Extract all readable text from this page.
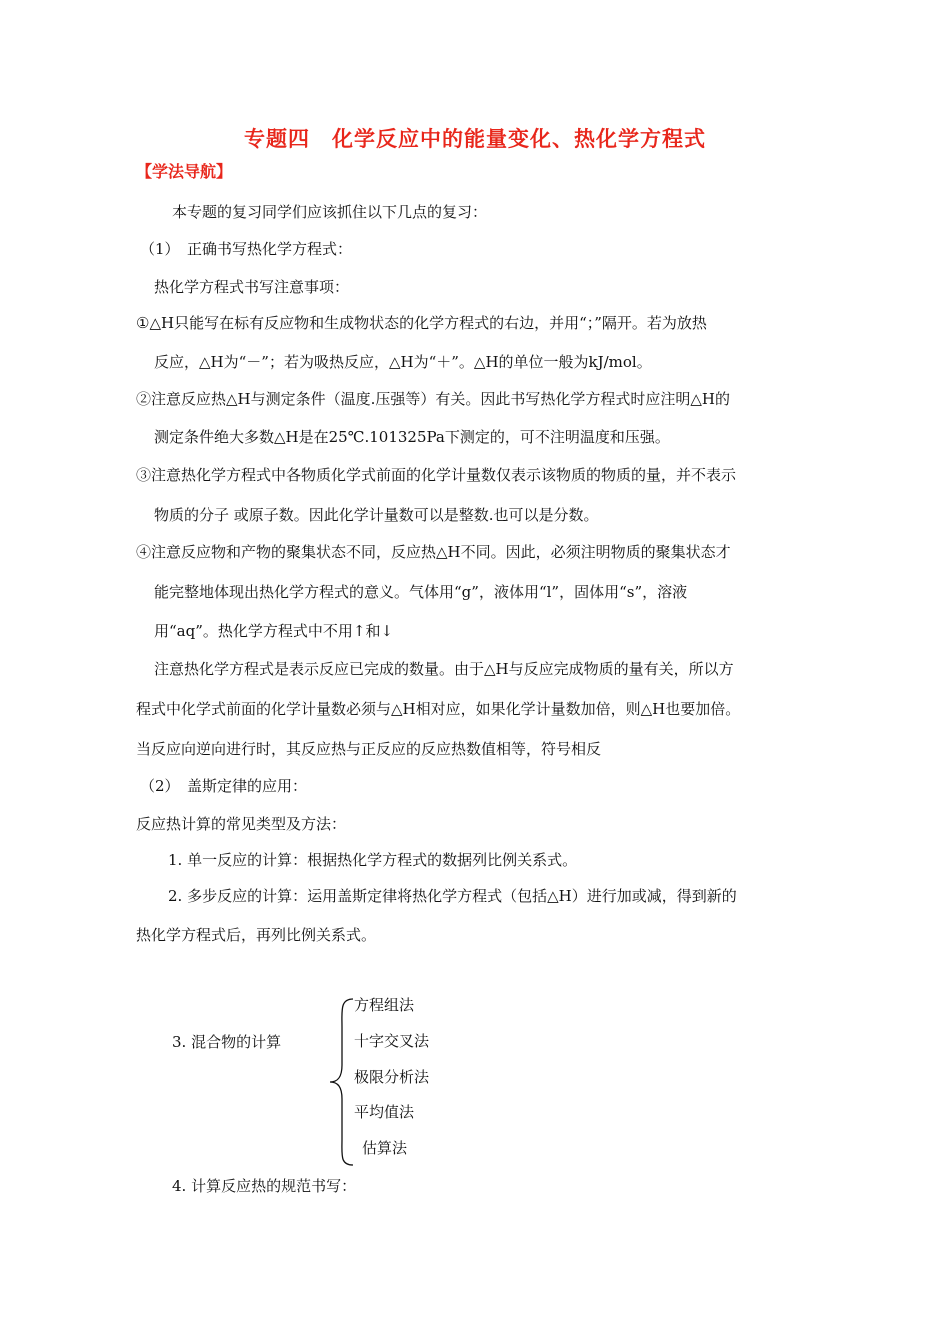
专题四　化学反应中的能量变化、热化学方程式
【学法导航】
本专题的复习同学们应该抓住以下几点的复习：
（1）　正确书写热化学方程式：
热化学方程式书写注意事项：
①△H只能写在标有反应物和生成物状态的化学方程式的右边，并用“；”隔开。若为放热
反应，△H为“－”；若为吸热反应，△H为“＋”。△H的单位一般为kJ/mol。
②注意反应热△H与测定条件（温度.压强等）有关。因此书写热化学方程式时应注明△H的
测定条件绝大多数△H是在25℃.101325Pa下测定的，可不注明温度和压强。
③注意热化学方程式中各物质化学式前面的化学计量数仅表示该物质的物质的量，并不表示
物质的分子 或原子数。因此化学计量数可以是整数.也可以是分数。
④注意反应物和产物的聚集状态不同，反应热△H不同。因此，必须注明物质的聚集状态才
能完整地体现出热化学方程式的意义。气体用“g”，液体用“l”，固体用“s”，溶液
用“aq”。热化学方程式中不用↑和↓
注意热化学方程式是表示反应已完成的数量。由于△H与反应完成物质的量有关，所以方
程式中化学式前面的化学计量数必须与△H相对应，如果化学计量数加倍，则△H也要加倍。
当反应向逆向进行时，其反应热与正反应的反应热数值相等，符号相反
（2）　盖斯定律的应用：
反应热计算的常见类型及方法：
1. 单一反应的计算：根据热化学方程式的数据列比例关系式。
2. 多步反应的计算：运用盖斯定律将热化学方程式（包括△H）进行加或减，得到新的
热化学方程式后，再列比例关系式。
3. 混合物的计算
方程组法
十字交叉法
极限分析法
平均值法
估算法
4. 计算反应热的规范书写：
